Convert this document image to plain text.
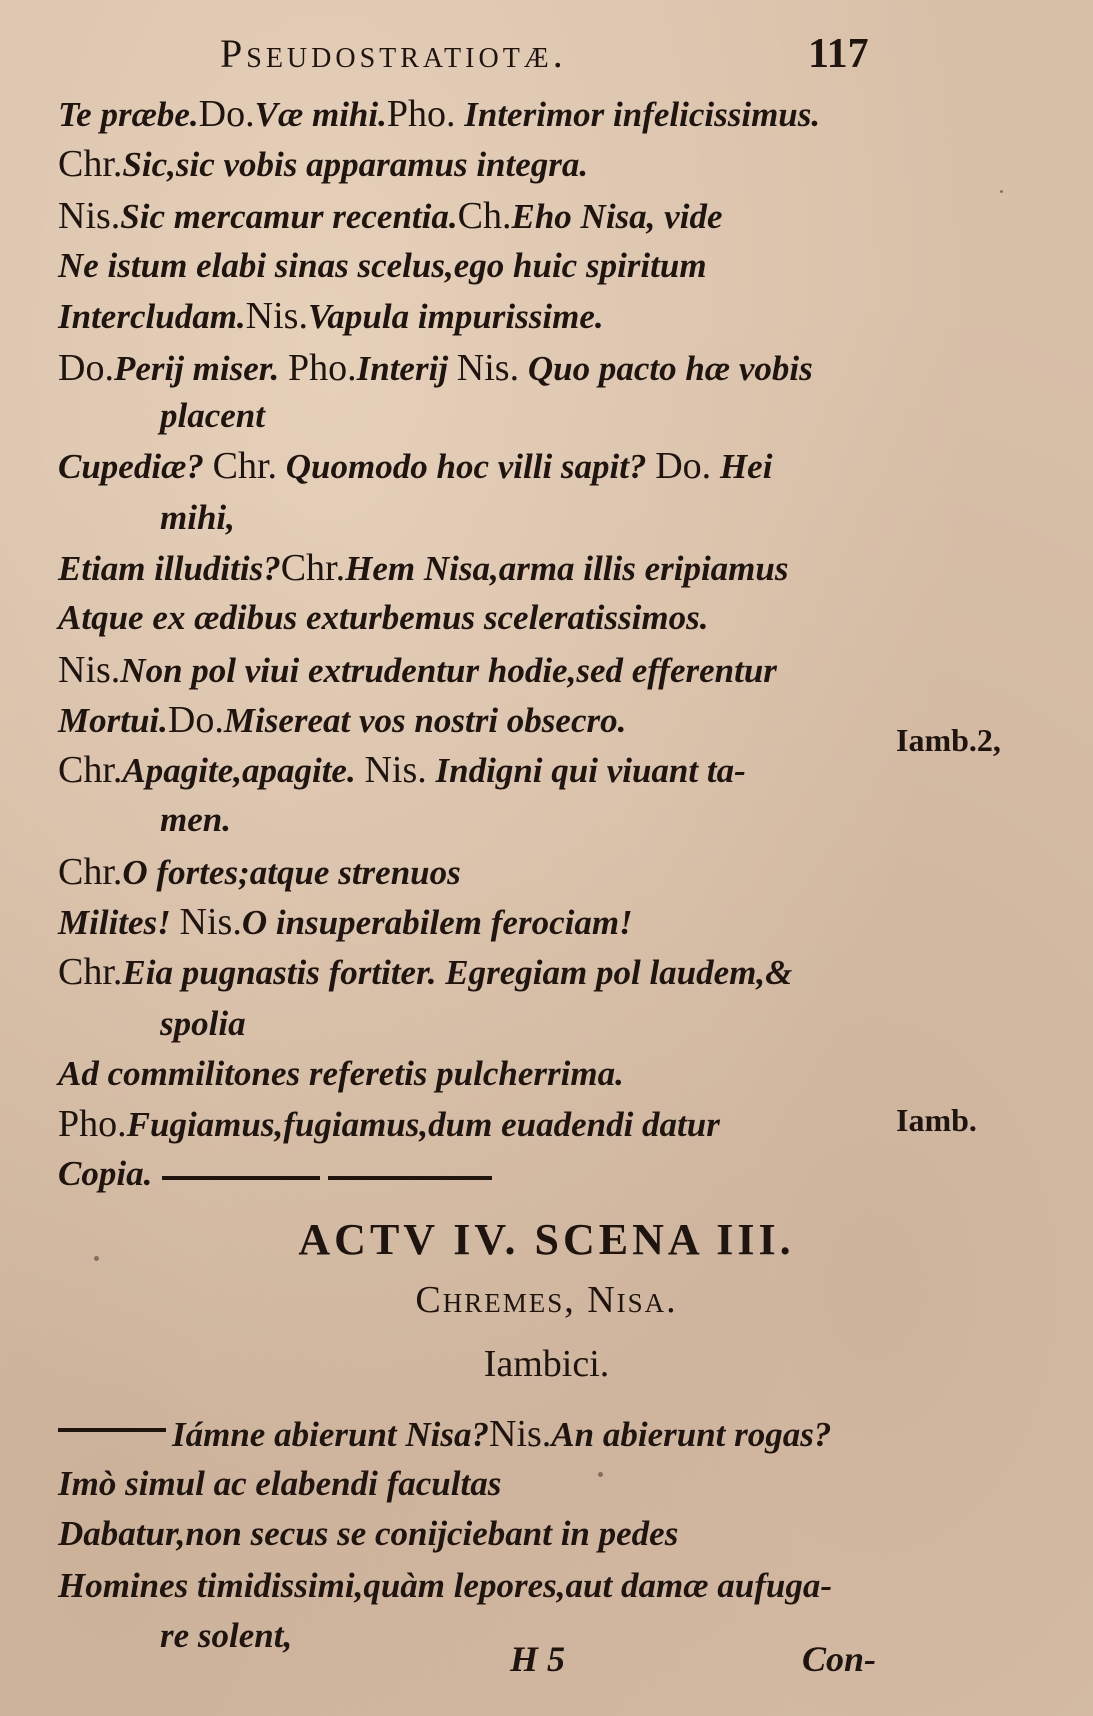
Pseudostratiotæ.	117
Te præbe.Do.Væ mihi.Pho. Interimor infelicissimus.
Chr.Sic,sic vobis apparamus integra.
Nis.Sic mercamur recentia.Ch.Eho Nisa, vide
Ne istum elabi sinas scelus,ego huic spiritum
Intercludam.Nis.Vapula impurissime.
Do.Perij miser. Pho.Interij Nis. Quo pacto hæ vobis
placent
Cupediæ? Chr. Quomodo hoc villi sapit? Do. Hei
mihi,
Etiam illuditis?Chr.Hem Nisa,arma illis eripiamus
Atque ex ædibus exturbemus sceleratissimos.
Nis.Non pol viui extrudentur hodie,sed efferentur
Mortui.Do.Misereat vos nostri obsecro.
Chr.Apagite,apagite. Nis. Indigni qui viuant ta-
men.
Chr.O fortes;atque strenuos
Milites! Nis.O insuperabilem ferociam!
Chr.Eia pugnastis fortiter. Egregiam pol laudem,&
spolia
Ad commilitones referetis pulcherrima.
Pho.Fugiamus,fugiamus,dum euadendi datur
Copia.
Iámne abierunt Nisa?Nis.An abierunt rogas?
Imò simul ac elabendi facultas
Dabatur,non secus se conijciebant in pedes
Homines timidissimi,quàm lepores,aut damæ aufuga-
re solent,
Iamb.2,
Iamb.
ACTV IV. SCENA III.
Chremes, Nisa.
Iambici.
H 5	Con-
